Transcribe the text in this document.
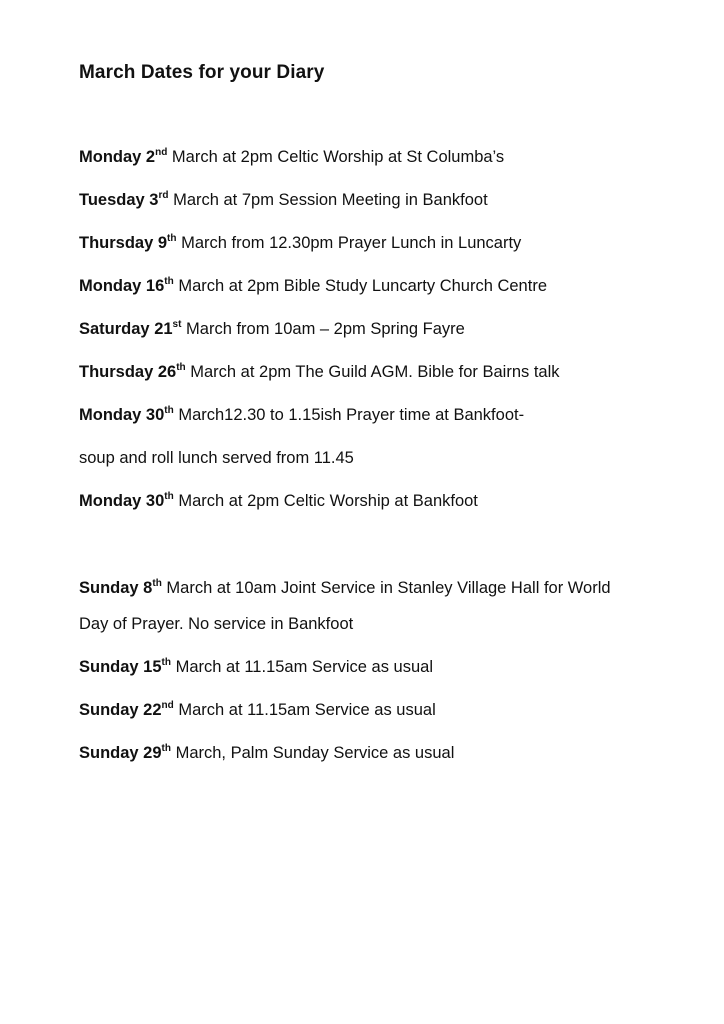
March Dates for your Diary
Monday 2nd March at 2pm Celtic Worship at St Columba’s
Tuesday 3rd March at 7pm Session Meeting in Bankfoot
Thursday 9th March from 12.30pm Prayer Lunch in Luncarty
Monday 16th March at 2pm Bible Study Luncarty Church Centre
Saturday 21st March from 10am – 2pm Spring Fayre
Thursday 26th March at 2pm The Guild AGM. Bible for Bairns talk
Monday 30th March12.30 to 1.15ish Prayer time at Bankfoot-
soup and roll lunch served from 11.45
Monday 30th March at 2pm Celtic Worship at Bankfoot
Sunday 8th March at 10am Joint Service in Stanley Village Hall for World
Day of Prayer. No service in Bankfoot
Sunday 15th March at 11.15am Service as usual
Sunday 22nd March at 11.15am Service as usual
Sunday 29th March, Palm Sunday Service as usual
